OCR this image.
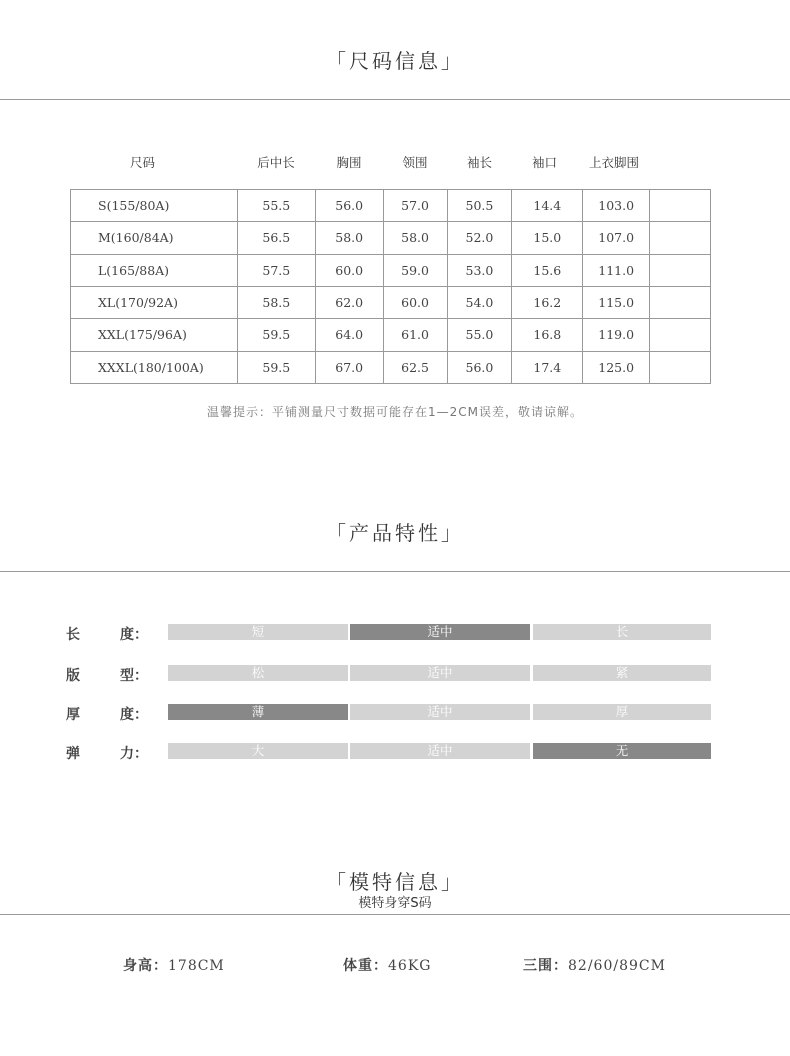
「尺码信息」
尺码	后中长	胸围	领围	袖长	袖口	上衣脚围
S(155/80A)	55.5	56.0	57.0	50.5	14.4	103.0	
M(160/84A)	56.5	58.0	58.0	52.0	15.0	107.0	
L(165/88A)	57.5	60.0	59.0	53.0	15.6	111.0	
XL(170/92A)	58.5	62.0	60.0	54.0	16.2	115.0	
XXL(175/96A)	59.5	64.0	61.0	55.0	16.8	119.0	
XXXL(180/100A)	59.5	67.0	62.5	56.0	17.4	125.0	
温馨提示：平铺测量尺寸数据可能存在1—2CM误差，敬请谅解。
「产品特性」
长	度：	短	适中	长
版	型：	松	适中	紧
厚	度：	薄	适中	厚
弹	力：	大	适中	无
「模特信息」
模特身穿S码
身高：178CM	体重：46KG	三围：82/60/89CM
